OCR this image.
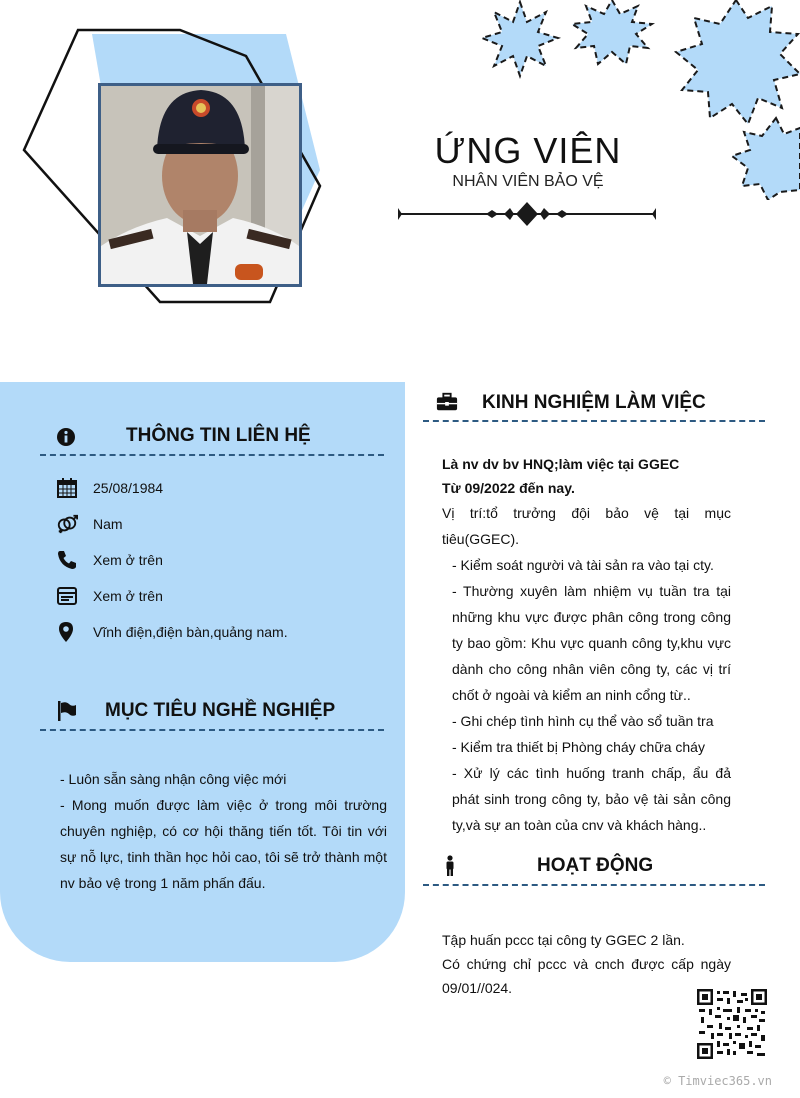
ỨNG VIÊN
NHÂN VIÊN BẢO VỆ
THÔNG TIN LIÊN HỆ
25/08/1984
Nam
Xem ở trên
Xem ở trên
Vĩnh điện,điện bàn,quảng nam.
MỤC TIÊU NGHỀ NGHIỆP

- Luôn sẵn sàng nhận công việc mới

- Mong muốn được làm việc ở trong môi trường chuyên nghiệp, có cơ hội thăng tiến tốt. Tôi tin với sự nỗ lực, tinh thần học hỏi cao, tôi sẽ trở thành một nv bảo vệ trong 1 năm phấn đấu.

KINH NGHIỆM LÀM VIỆC

Là nv dv bv HNQ;làm việc tại GGEC

Từ 09/2022 đến nay.

Vị trí:tổ trưởng đội bảo vệ tại mục tiêu(GGEC).

- Kiểm soát người và tài sản ra vào tại cty.

- Thường xuyên làm nhiệm vụ tuần tra tại những khu vực được phân công trong công ty bao gồm: Khu vực quanh công ty,khu vực dành cho công nhân viên công ty, các vị trí chốt ở ngoài và kiểm an ninh cổng từ..

- Ghi chép tình hình cụ thể vào sổ tuần tra

- Kiểm tra thiết bị Phòng cháy chữa cháy

- Xử lý các tình huống tranh chấp, ẩu đả phát sinh trong công ty, bảo vệ tài sản công ty,và sự an toàn của cnv và khách hàng..

HOẠT ĐỘNG

Tập huấn pccc tại công ty GGEC 2 lần.

Có chứng chỉ pccc và cnch được cấp ngày 09/01//024.

© Timviec365.vn
